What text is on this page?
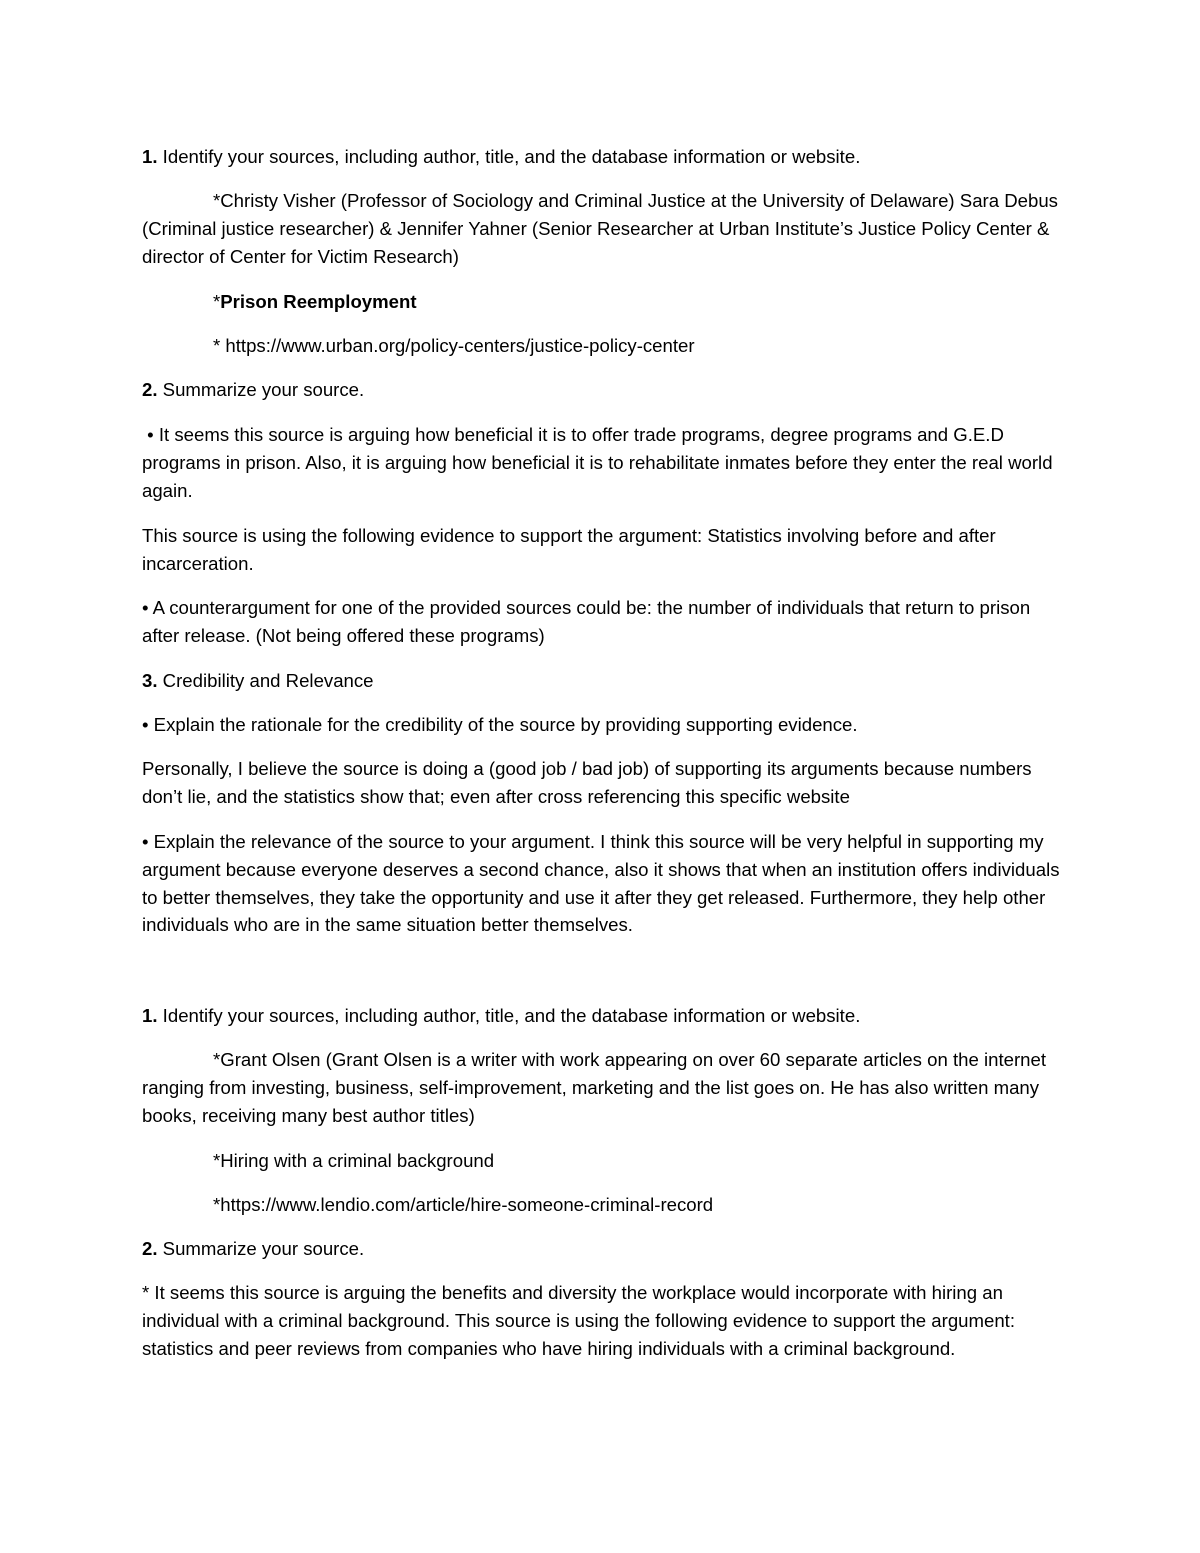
1. Identify your sources, including author, title, and the database information or website.

*Christy Visher (Professor of Sociology and Criminal Justice at the University of Delaware) Sara Debus (Criminal justice researcher) & Jennifer Yahner (Senior Researcher at Urban Institute’s Justice Policy Center & director of Center for Victim Research)

*Prison Reemployment

* https://www.urban.org/policy-centers/justice-policy-center

2. Summarize your source.

• It seems this source is arguing how beneficial it is to offer trade programs, degree programs and G.E.D programs in prison. Also, it is arguing how beneficial it is to rehabilitate inmates before they enter the real world again.

This source is using the following evidence to support the argument: Statistics involving before and after incarceration.

• A counterargument for one of the provided sources could be: the number of individuals that return to prison after release. (Not being offered these programs)

3. Credibility and Relevance

• Explain the rationale for the credibility of the source by providing supporting evidence.

Personally, I believe the source is doing a (good job / bad job) of supporting its arguments because numbers don’t lie, and the statistics show that; even after cross referencing this specific website

• Explain the relevance of the source to your argument. I think this source will be very helpful in supporting my argument because everyone deserves a second chance, also it shows that when an institution offers individuals to better themselves, they take the opportunity and use it after they get released. Furthermore, they help other individuals who are in the same situation better themselves.

1. Identify your sources, including author, title, and the database information or website.

*Grant Olsen (Grant Olsen is a writer with work appearing on over 60 separate articles on the internet ranging from investing, business, self-improvement, marketing and the list goes on. He has also written many books, receiving many best author titles)

*Hiring with a criminal background

*https://www.lendio.com/article/hire-someone-criminal-record

2. Summarize your source.

* It seems this source is arguing the benefits and diversity the workplace would incorporate with hiring an individual with a criminal background. This source is using the following evidence to support the argument: statistics and peer reviews from companies who have hiring individuals with a criminal background.
